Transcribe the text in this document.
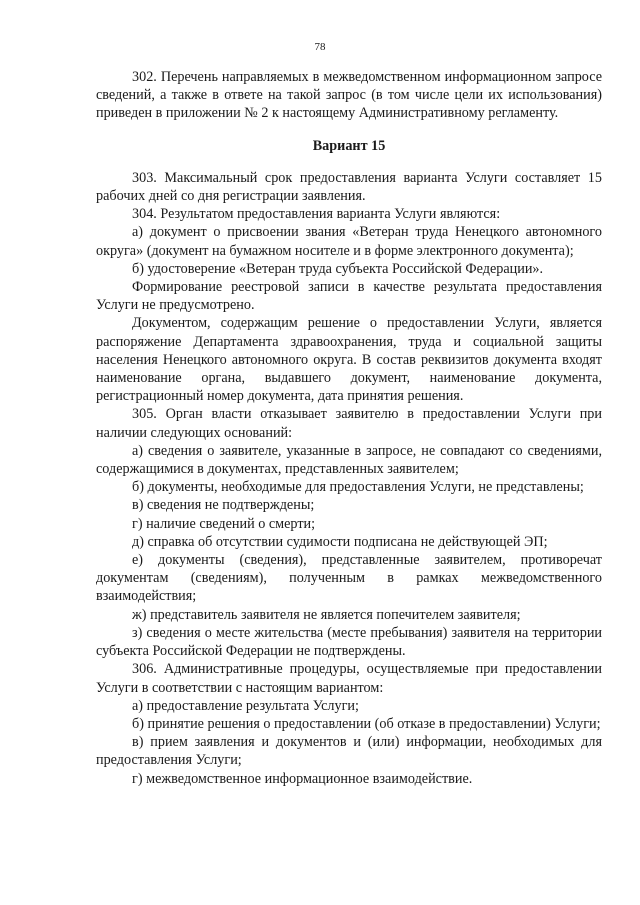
78

302. Перечень направляемых в межведомственном информационном запросе сведений, а также в ответе на такой запрос (в том числе цели их использования) приведен в приложении № 2 к настоящему Административному регламенту.

Вариант 15

303. Максимальный срок предоставления варианта Услуги составляет 15 рабочих дней со дня регистрации заявления.

304. Результатом предоставления варианта Услуги являются:

а) документ о присвоении звания «Ветеран труда Ненецкого автономного округа» (документ на бумажном носителе и в форме электронного документа);

б) удостоверение «Ветеран труда субъекта Российской Федерации».

Формирование реестровой записи в качестве результата предоставления Услуги не предусмотрено.

Документом, содержащим решение о предоставлении Услуги, является распоряжение Департамента здравоохранения, труда и социальной защиты населения Ненецкого автономного округа. В состав реквизитов документа входят наименование органа, выдавшего документ, наименование документа, регистрационный номер документа, дата принятия решения.

305. Орган власти отказывает заявителю в предоставлении Услуги при наличии следующих оснований:

а) сведения о заявителе, указанные в запросе, не совпадают со сведениями, содержащимися в документах, представленных заявителем;

б) документы, необходимые для предоставления Услуги, не представлены;

в) сведения не подтверждены;

г) наличие сведений о смерти;

д) справка об отсутствии судимости подписана не действующей ЭП;

е) документы (сведения), представленные заявителем, противоречат документам (сведениям), полученным в рамках межведомственного взаимодействия;

ж) представитель заявителя не является попечителем заявителя;

з) сведения о месте жительства (месте пребывания) заявителя на территории субъекта Российской Федерации не подтверждены.

306. Административные процедуры, осуществляемые при предоставлении Услуги в соответствии с настоящим вариантом:

а) предоставление результата Услуги;

б) принятие решения о предоставлении (об отказе в предоставлении) Услуги;

в) прием заявления и документов и (или) информации, необходимых для предоставления Услуги;

г) межведомственное информационное взаимодействие.
